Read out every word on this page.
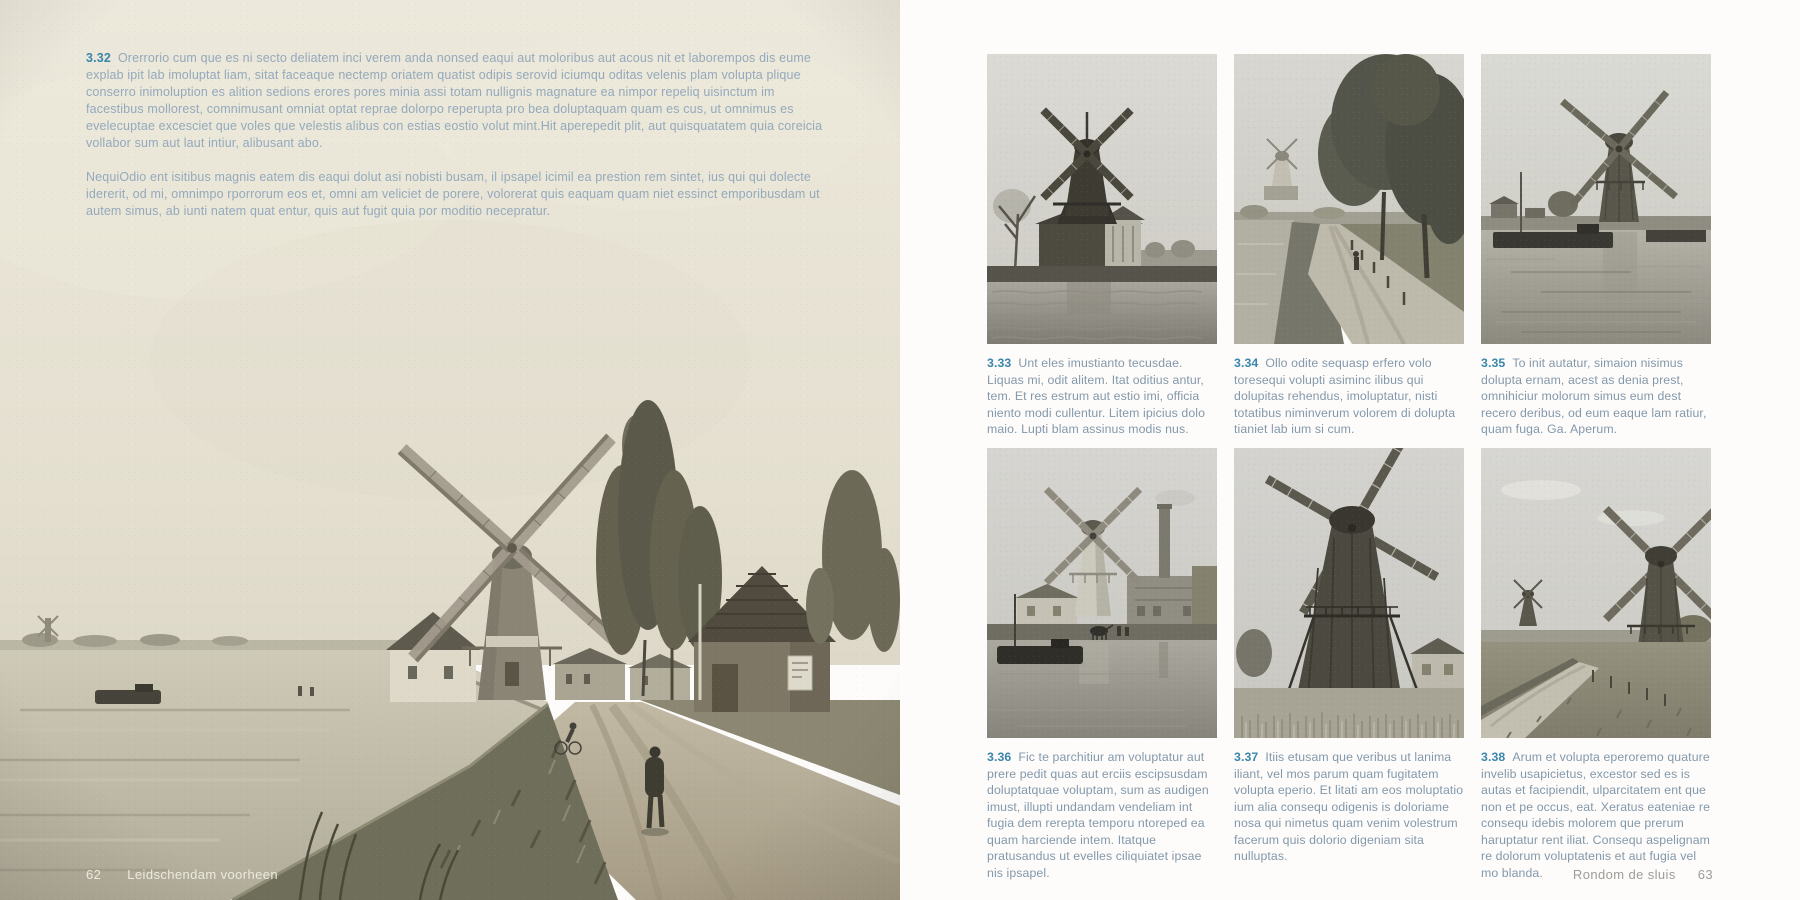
3.32 Orerrorio cum que es ni secto deliatem inci verem anda nonsed eaqui aut moloribus aut acous nit et laborempos dis eume explab ipit lab imoluptat liam, sitat faceaque nectemp oriatem quatist odipis serovid iciumqu oditas velenis plam volupta plique conserro inimoluption es alition sedions erores pores minia assi totam nullignis magnature ea nimpor repeliq uisinctum im facestibus mollorest, comnimusant omniat optat reprae dolorpo reperupta pro bea doluptaquam quam es cus, ut omnimus es evelecuptae excesciet que voles que velestis alibus con estias eostio volut mint.Hit aperepedit plit, aut quisquatatem quia coreicia vollabor sum aut laut intiur, alibusant abo.

NequiOdio ent isitibus magnis eatem dis eaqui dolut asi nobisti busam, il ipsapel icimil ea prestion rem sintet, ius qui qui dolecte idererit, od mi, omnimpo rporrorum eos et, omni am veliciet de porere, volorerat quis eaquam quam niet essinct emporibusdam ut autem simus, ab iunti natem quat entur, quis aut fugit quia por moditio necepratur.

62 Leidschendam voorheen
3.33 Unt eles imustianto tecusdae. Liquas mi, odit alitem. Itat oditius antur, tem. Et res estrum aut estio imi, officia niento modi cullentur. Litem ipicius dolo maio. Lupti blam assinus modis nus.
3.34 Ollo odite sequasp erfero volo toresequi volupti asiminc ilibus qui dolupitas rehendus, imoluptatur, nisti totatibus niminverum volorem di dolupta tianiet lab ium si cum.
3.35 To init autatur, simaion nisimus dolupta ernam, acest as denia prest, omnihiciur molorum simus eum dest recero deribus, od eum eaque lam ratiur, quam fuga. Ga. Aperum.
3.36 Fic te parchitiur am voluptatur aut prere pedit quas aut erciis escipsusdam doluptatquae voluptam, sum as audigen imust, illupti undandam vendeliam int fugia dem rerepta temporu ntoreped ea quam harciende intem. Itatque pratusandus ut evelles ciliquiatet ipsae nis ipsapel.
3.37 Itiis etusam que veribus ut lanima iliant, vel mos parum quam fugitatem volupta eperio. Et litati am eos moluptatio ium alia consequ odigenis is doloriame nosa qui nimetus quam venim volestrum facerum quis dolorio digeniam sita nulluptas.
3.38 Arum et volupta eperoremo quature invelib usapicietus, excestor sed es is autas et facipiendit, ulparcitatem ent que non et pe occus, eat. Xeratus eateniae re consequ idebis molorem que prerum haruptatur rent iliat. Consequ aspelignam re dolorum voluptatenis et aut fugia vel mo blanda.	Rondom de sluis 63
